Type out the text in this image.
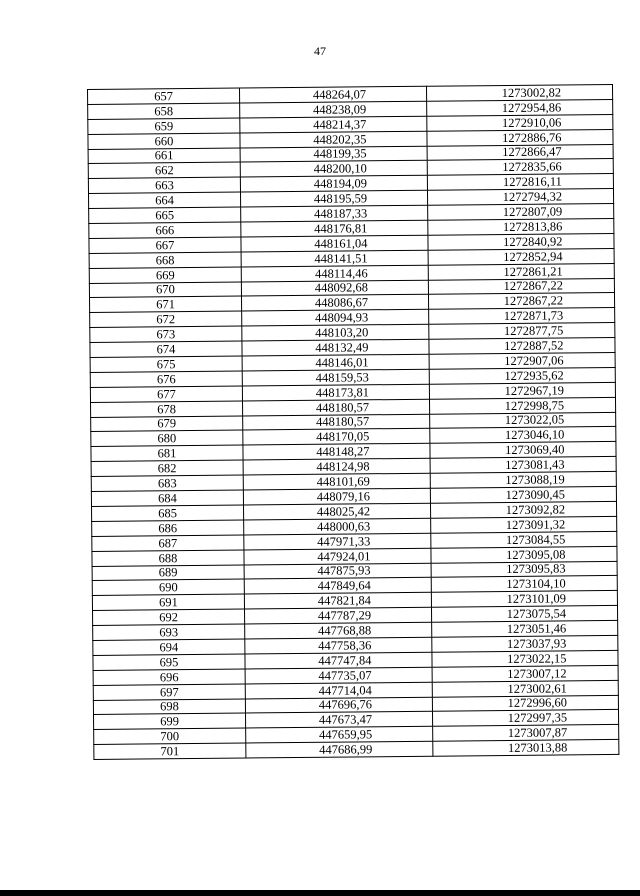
47
657	448264,07	1273002,82
658	448238,09	1272954,86
659	448214,37	1272910,06
660	448202,35	1272886,76
661	448199,35	1272866,47
662	448200,10	1272835,66
663	448194,09	1272816,11
664	448195,59	1272794,32
665	448187,33	1272807,09
666	448176,81	1272813,86
667	448161,04	1272840,92
668	448141,51	1272852,94
669	448114,46	1272861,21
670	448092,68	1272867,22
671	448086,67	1272867,22
672	448094,93	1272871,73
673	448103,20	1272877,75
674	448132,49	1272887,52
675	448146,01	1272907,06
676	448159,53	1272935,62
677	448173,81	1272967,19
678	448180,57	1272998,75
679	448180,57	1273022,05
680	448170,05	1273046,10
681	448148,27	1273069,40
682	448124,98	1273081,43
683	448101,69	1273088,19
684	448079,16	1273090,45
685	448025,42	1273092,82
686	448000,63	1273091,32
687	447971,33	1273084,55
688	447924,01	1273095,08
689	447875,93	1273095,83
690	447849,64	1273104,10
691	447821,84	1273101,09
692	447787,29	1273075,54
693	447768,88	1273051,46
694	447758,36	1273037,93
695	447747,84	1273022,15
696	447735,07	1273007,12
697	447714,04	1273002,61
698	447696,76	1272996,60
699	447673,47	1272997,35
700	447659,95	1273007,87
701	447686,99	1273013,88
